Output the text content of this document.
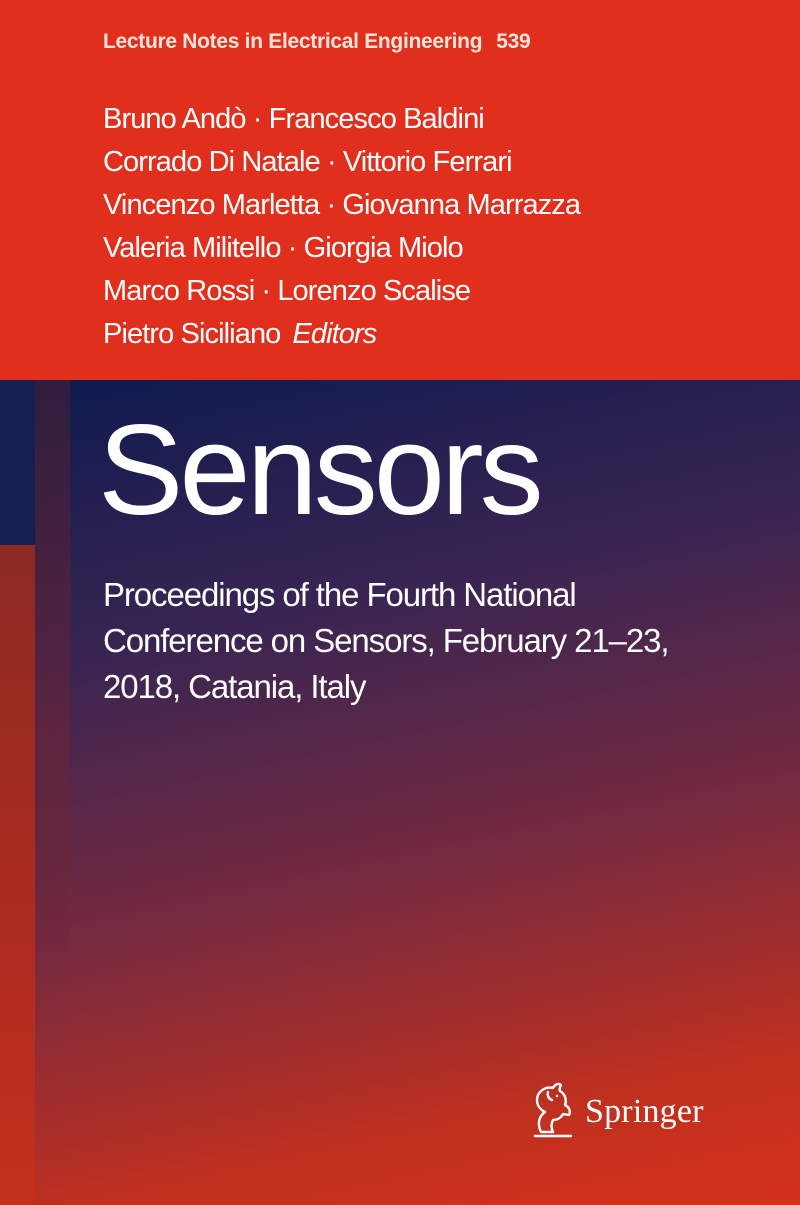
Lecture Notes in Electrical Engineering 539
Bruno Andò · Francesco Baldini
Corrado Di Natale · Vittorio Ferrari
Vincenzo Marletta · Giovanna Marrazza
Valeria Militello · Giorgia Miolo
Marco Rossi · Lorenzo Scalise
Pietro Siciliano Editors
Sensors
Proceedings of the Fourth National
Conference on Sensors, February 21–23,
2018, Catania, Italy
Springer
